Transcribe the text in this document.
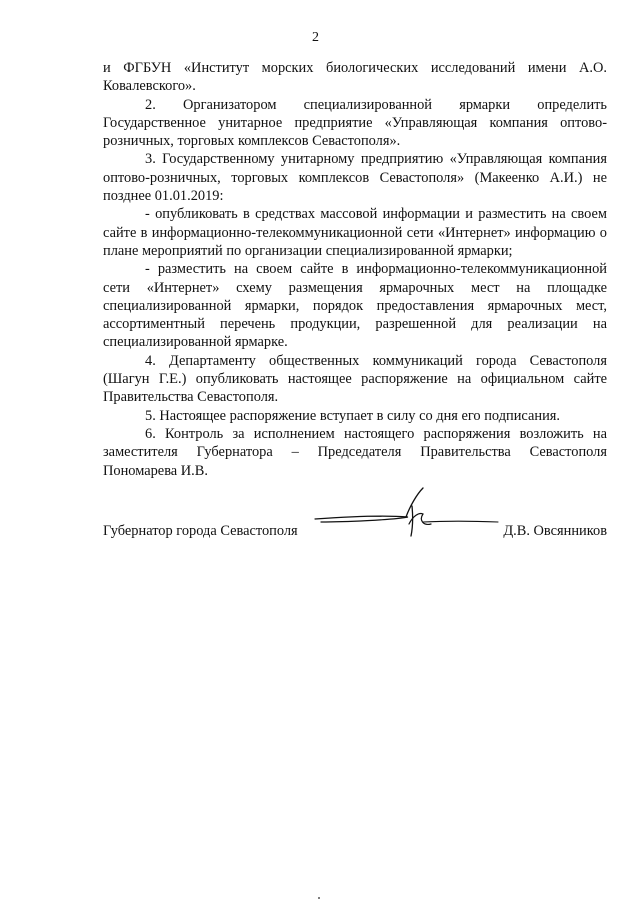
2

и ФГБУН «Институт морских биологических исследований имени А.О. Ковалевского».

2. Организатором специализированной ярмарки определить Государственное унитарное предприятие «Управляющая компания оптово-розничных, торговых комплексов Севастополя».

3. Государственному унитарному предприятию «Управляющая компания оптово-розничных, торговых комплексов Севастополя» (Макеенко А.И.) не позднее 01.01.2019:

- опубликовать в средствах массовой информации и разместить на своем сайте в информационно-телекоммуникационной сети «Интернет» информацию о плане мероприятий по организации специализированной ярмарки;

- разместить на своем сайте в информационно-телекоммуникационной сети «Интернет» схему размещения ярмарочных мест на площадке специализированной ярмарки, порядок предоставления ярмарочных мест, ассортиментный перечень продукции, разрешенной для реализации на специализированной ярмарке.

4. Департаменту общественных коммуникаций города Севастополя (Шагун Г.Е.) опубликовать настоящее распоряжение на официальном сайте Правительства Севастополя.

5. Настоящее распоряжение вступает в силу со дня его подписания.

6. Контроль за исполнением настоящего распоряжения возложить на заместителя Губернатора – Председателя Правительства Севастополя Пономарева И.В.

Губернатор города Севастополя	Д.В. Овсянников
